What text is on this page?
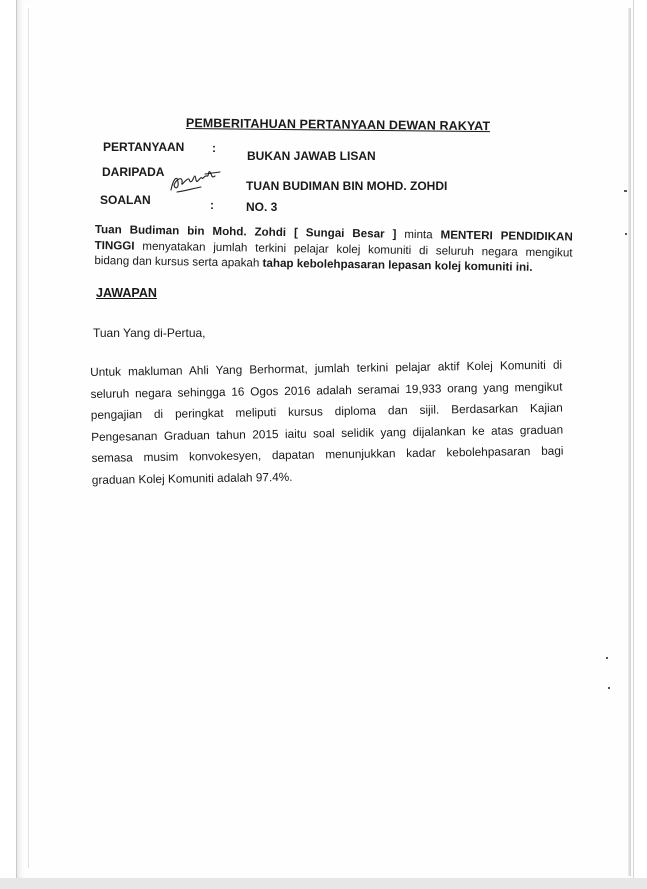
PEMBERITAHUAN PERTANYAAN DEWAN RAKYAT
PERTANYAAN :
BUKAN JAWAB LISAN
DARIPADA
TUAN BUDIMAN BIN MOHD. ZOHDI
SOALAN	:	NO. 3
Tuan Budiman bin Mohd. Zohdi [ Sungai Besar ] minta MENTERI PENDIDIKAN
TINGGI menyatakan jumlah terkini pelajar kolej komuniti di seluruh negara mengikut
bidang dan kursus serta apakah tahap kebolehpasaran lepasan kolej komuniti ini.
JAWAPAN
Tuan Yang di-Pertua,
Untuk makluman Ahli Yang Berhormat, jumlah terkini pelajar aktif Kolej Komuniti di
seluruh negara sehingga 16 Ogos 2016 adalah seramai 19,933 orang yang mengikut
pengajian di peringkat meliputi kursus diploma dan sijil. Berdasarkan Kajian
Pengesanan Graduan tahun 2015 iaitu soal selidik yang dijalankan ke atas graduan
semasa musim konvokesyen, dapatan menunjukkan kadar kebolehpasaran bagi
graduan Kolej Komuniti adalah 97.4%.
